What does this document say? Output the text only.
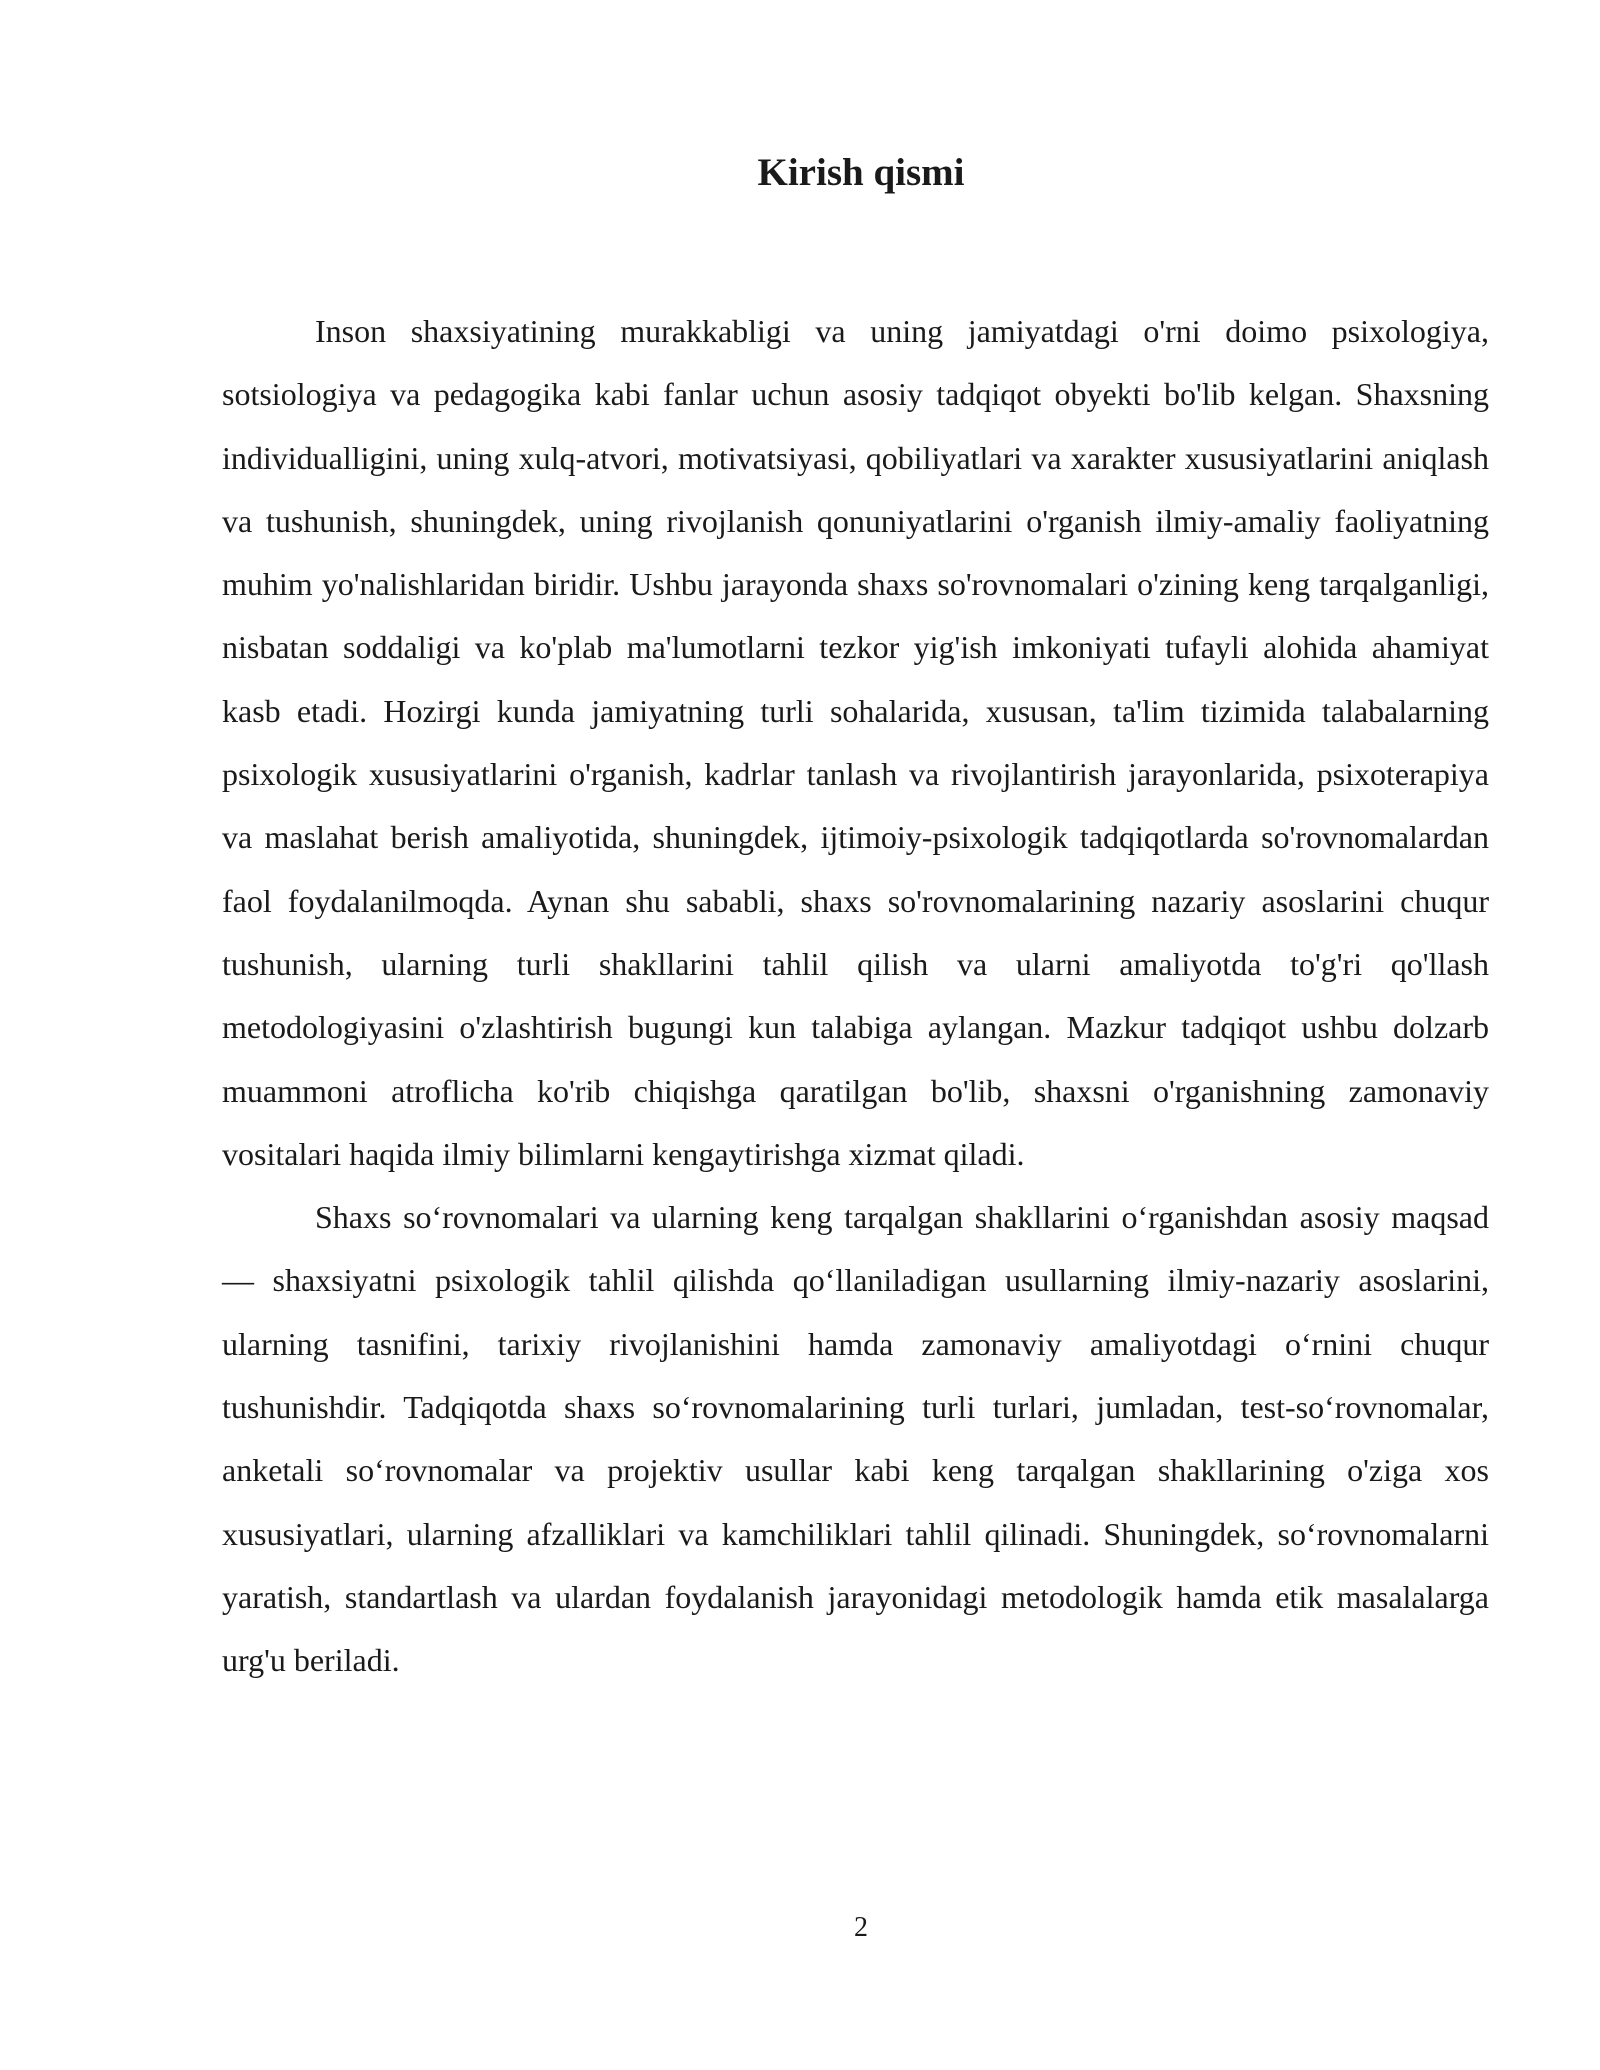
Kirish qismi

Inson shaxsiyatining murakkabligi va uning jamiyatdagi o'rni doimo psixologiya, sotsiologiya va pedagogika kabi fanlar uchun asosiy tadqiqot obyekti bo'lib kelgan. Shaxsning individualligini, uning xulq-atvori, motivatsiyasi, qobiliyatlari va xarakter xususiyatlarini aniqlash va tushunish, shuningdek, uning rivojlanish qonuniyatlarini o'rganish ilmiy-amaliy faoliyatning muhim yo'nalishlaridan biridir. Ushbu jarayonda shaxs so'rovnomalari o'zining keng tarqalganligi, nisbatan soddaligi va ko'plab ma'lumotlarni tezkor yig'ish imkoniyati tufayli alohida ahamiyat kasb etadi. Hozirgi kunda jamiyatning turli sohalarida, xususan, ta'lim tizimida talabalarning psixologik xususiyatlarini o'rganish, kadrlar tanlash va rivojlantirish jarayonlarida, psixoterapiya va maslahat berish amaliyotida, shuningdek, ijtimoiy-psixologik tadqiqotlarda so'rovnomalardan faol foydalanilmoqda. Aynan shu sababli, shaxs so'rovnomalarining nazariy asoslarini chuqur tushunish, ularning turli shakllarini tahlil qilish va ularni amaliyotda to'g'ri qo'llash metodologiyasini o'zlashtirish bugungi kun talabiga aylangan. Mazkur tadqiqot ushbu dolzarb muammoni atroflicha ko'rib chiqishga qaratilgan bo'lib, shaxsni o'rganishning zamonaviy vositalari haqida ilmiy bilimlarni kengaytirishga xizmat qiladi.

Shaxs so‘rovnomalari va ularning keng tarqalgan shakllarini o‘rganishdan asosiy maqsad — shaxsiyatni psixologik tahlil qilishda qo‘llaniladigan usullarning ilmiy-nazariy asoslarini, ularning tasnifini, tarixiy rivojlanishini hamda zamonaviy amaliyotdagi o‘rnini chuqur tushunishdir. Tadqiqotda shaxs so‘rovnomalarining turli turlari, jumladan, test-so‘rovnomalar, anketali so‘rovnomalar va projektiv usullar kabi keng tarqalgan shakllarining o'ziga xos xususiyatlari, ularning afzalliklari va kamchiliklari tahlil qilinadi. Shuningdek, so‘rovnomalarni yaratish, standartlash va ulardan foydalanish jarayonidagi metodologik hamda etik masalalarga urg'u beriladi.

2
